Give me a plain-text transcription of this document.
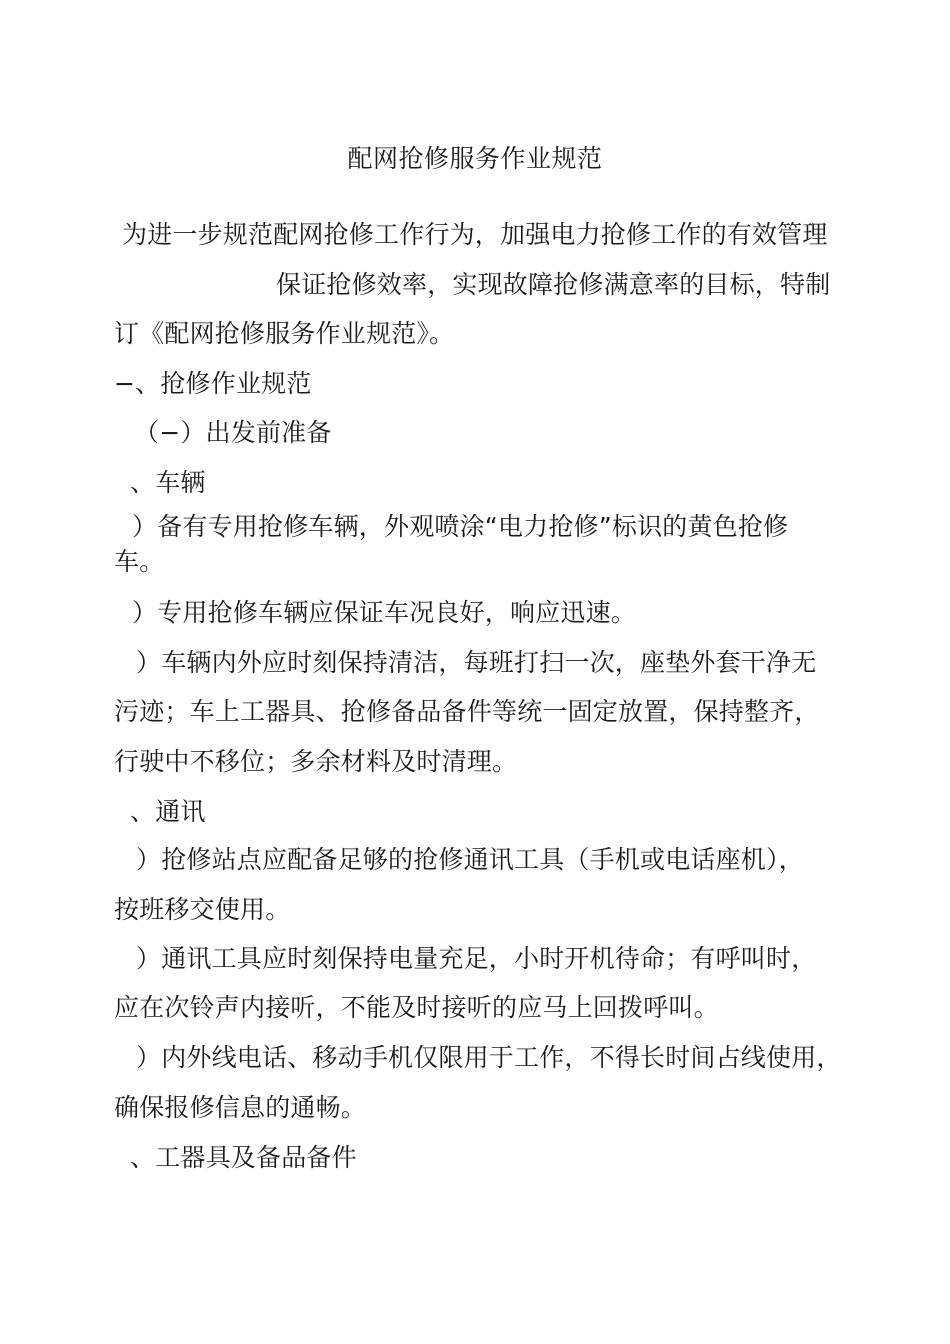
配网抢修服务作业规范
为进一步规范配网抢修工作行为，加强电力抢修工作的有效管理
保证抢修效率，实现故障抢修满意率的目标，特制
订《配网抢修服务作业规范》。
−、抢修作业规范
（−）出发前准备
、车辆
）备有专用抢修车辆，外观喷涂“电力抢修”标识的黄色抢修
车。
）专用抢修车辆应保证车况良好，响应迅速。
）车辆内外应时刻保持清洁，每班打扫一次，座垫外套干净无
污迹；车上工器具、抢修备品备件等统一固定放置，保持整齐，
行驶中不移位；多余材料及时清理。
、通讯
）抢修站点应配备足够的抢修通讯工具（手机或电话座机），
按班移交使用。
）通讯工具应时刻保持电量充足，小时开机待命；有呼叫时，
应在次铃声内接听，不能及时接听的应马上回拨呼叫。
）内外线电话、移动手机仅限用于工作，不得长时间占线使用，
确保报修信息的通畅。
、工器具及备品备件
